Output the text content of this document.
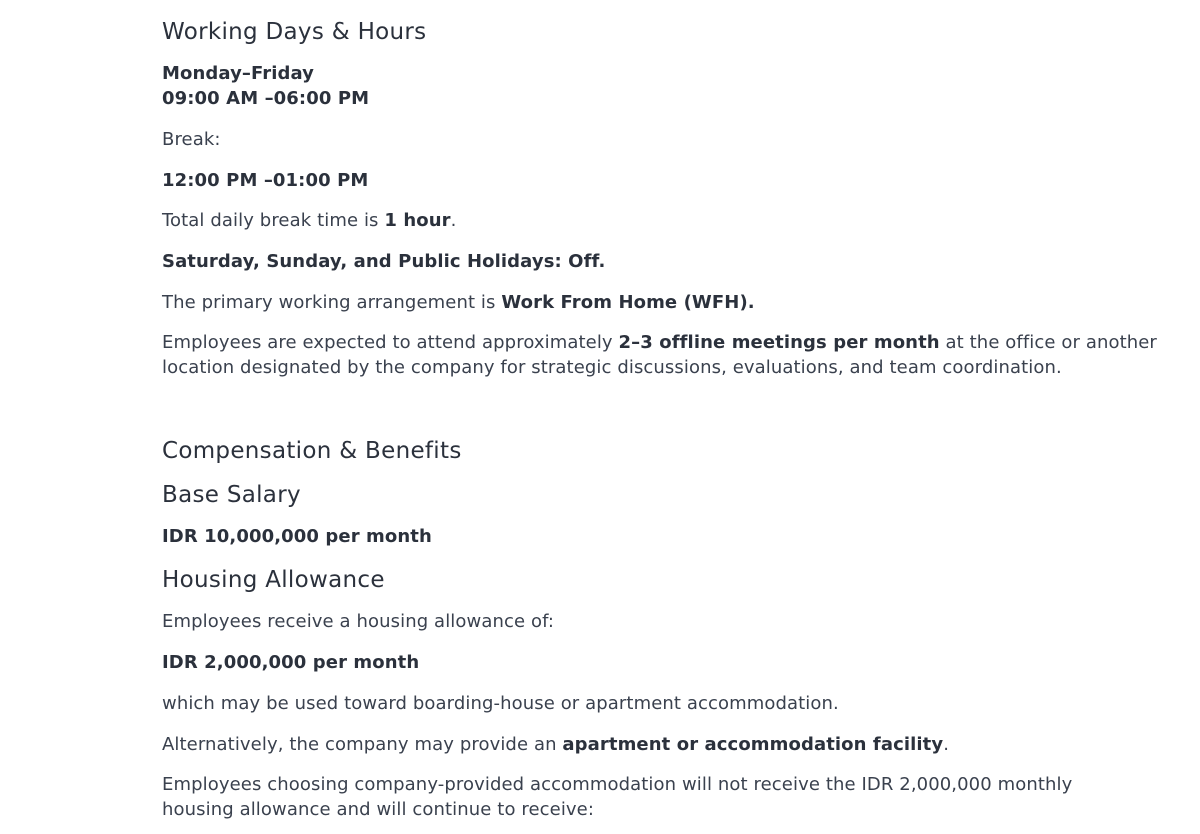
Working Days & Hours
Monday–Friday
09:00 AM –06:00 PM
Break:
12:00 PM –01:00 PM
Total daily break time is 1 hour.
Saturday, Sunday, and Public Holidays: Off.
The primary working arrangement is Work From Home (WFH).
Employees are expected to attend approximately 2–3 offline meetings per month at the office or another
location designated by the company for strategic discussions, evaluations, and team coordination.
Compensation & Benefits
Base Salary
IDR 10,000,000 per month
Housing Allowance
Employees receive a housing allowance of:
IDR 2,000,000 per month
which may be used toward boarding-house or apartment accommodation.
Alternatively, the company may provide an apartment or accommodation facility.
Employees choosing company-provided accommodation will not receive the IDR 2,000,000 monthly
housing allowance and will continue to receive:
